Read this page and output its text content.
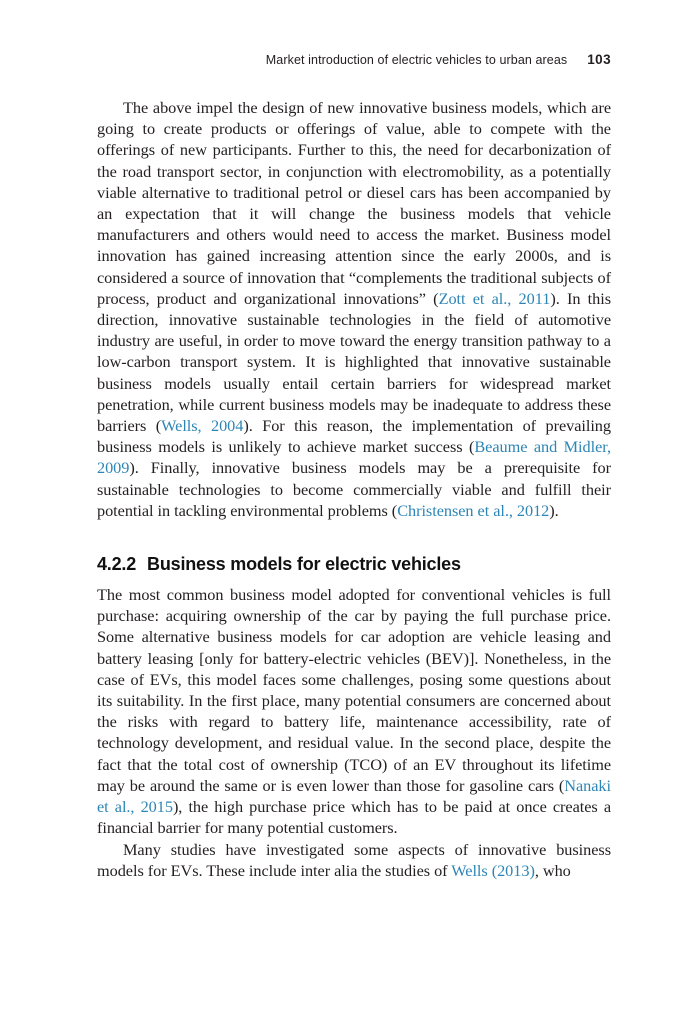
Market introduction of electric vehicles to urban areas 103

The above impel the design of new innovative business models, which are going to create products or offerings of value, able to compete with the offerings of new participants. Further to this, the need for decarbonization of the road transport sector, in conjunction with electromobility, as a potentially viable alternative to traditional petrol or diesel cars has been accompanied by an expectation that it will change the business models that vehicle manufacturers and others would need to access the market. Business model innovation has gained increasing attention since the early 2000s, and is considered a source of innovation that “complements the traditional subjects of process, product and organizational innovations” (Zott et al., 2011). In this direction, innovative sustainable technologies in the field of automotive industry are useful, in order to move toward the energy transition pathway to a low-carbon transport system. It is highlighted that innovative sustainable business models usually entail certain barriers for widespread market penetration, while current business models may be inadequate to address these barriers (Wells, 2004). For this reason, the implementation of prevailing business models is unlikely to achieve market success (Beaume and Midler, 2009). Finally, innovative business models may be a prerequisite for sustainable technologies to become commercially viable and fulfill their potential in tackling environmental problems (Christensen et al., 2012).

4.2.2 Business models for electric vehicles

The most common business model adopted for conventional vehicles is full purchase: acquiring ownership of the car by paying the full purchase price. Some alternative business models for car adoption are vehicle leasing and battery leasing [only for battery-electric vehicles (BEV)]. Nonetheless, in the case of EVs, this model faces some challenges, posing some questions about its suitability. In the first place, many potential consumers are concerned about the risks with regard to battery life, maintenance accessibility, rate of technology development, and residual value. In the second place, despite the fact that the total cost of ownership (TCO) of an EV throughout its lifetime may be around the same or is even lower than those for gasoline cars (Nanaki et al., 2015), the high purchase price which has to be paid at once creates a financial barrier for many potential customers.

Many studies have investigated some aspects of innovative business models for EVs. These include inter alia the studies of Wells (2013), who
